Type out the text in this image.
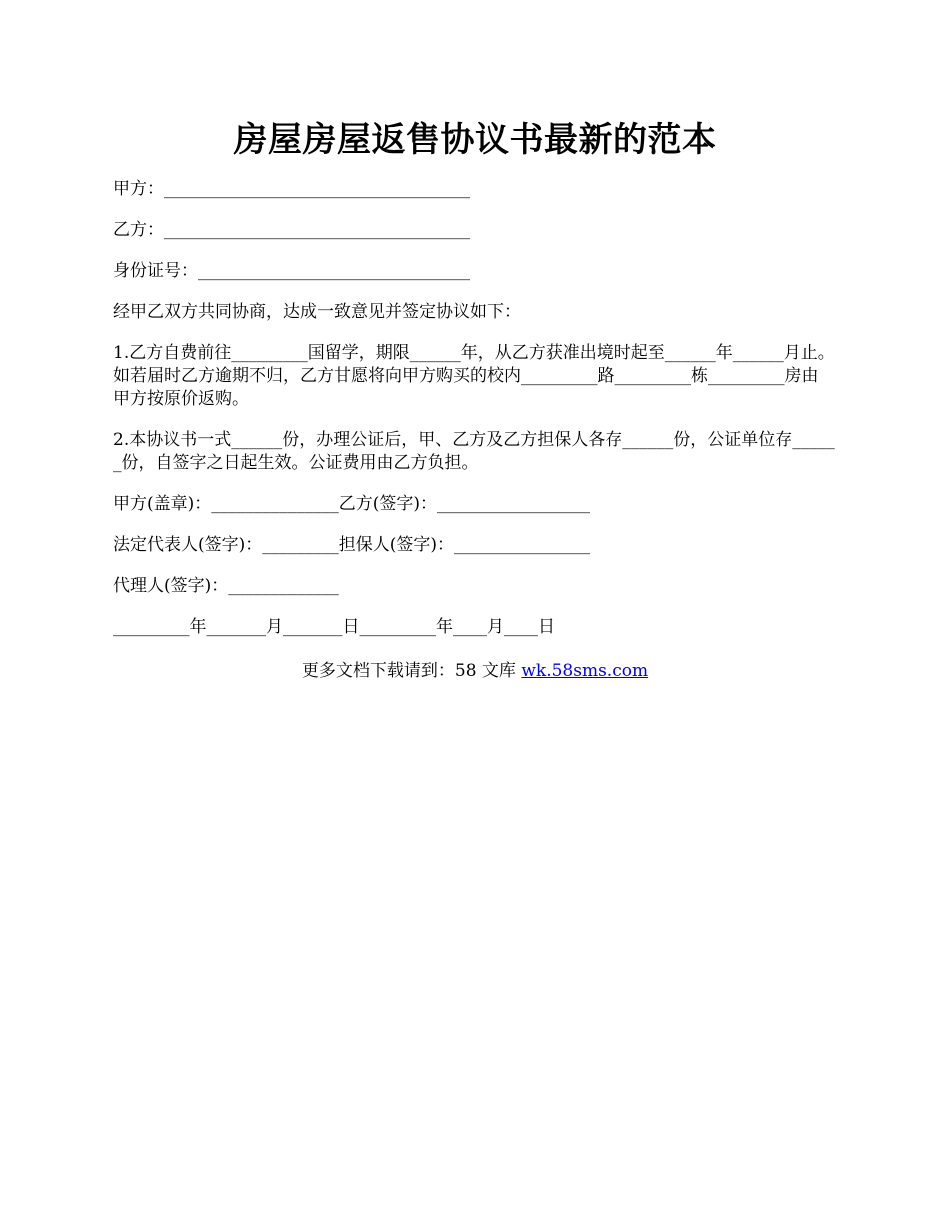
房屋房屋返售协议书最新的范本

甲方：____________________________________

乙方：____________________________________

身份证号：________________________________

经甲乙双方共同协商，达成一致意见并签定协议如下：

1.乙方自费前往_________国留学，期限______年，从乙方获准出境时起至______年______月止。如若届时乙方逾期不归，乙方甘愿将向甲方购买的校内_________路_________栋_________房由甲方按原价返购。

2.本协议书一式______份，办理公证后，甲、乙方及乙方担保人各存______份，公证单位存______份，自签字之日起生效。公证费用由乙方负担。

甲方(盖章)：_______________乙方(签字)：__________________

法定代表人(签字)：_________担保人(签字)：________________

代理人(签字)：_____________

_________年_______月_______日_________年____月____日

更多文档下载请到：58 文库 wk.58sms.com
